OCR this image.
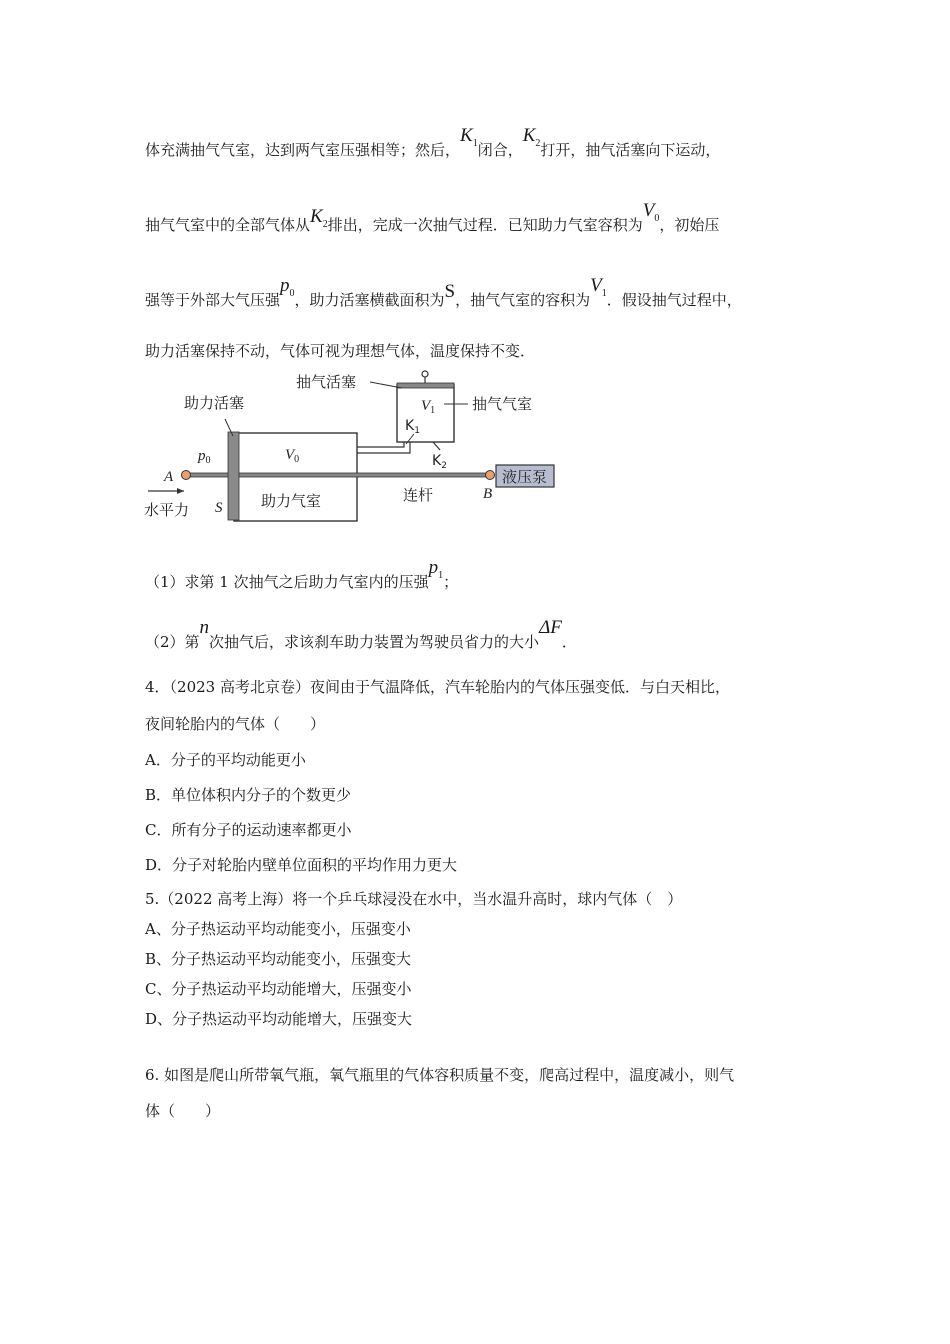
体充满抽气气室，达到两气室压强相等；然后，$K_1$闭合，$K_2$打开，抽气活塞向下运动，
抽气气室中的全部气体从$K_2$排出，完成一次抽气过程．已知助力气室容积为$V_0$，初始压
强等于外部大气压强$p_0$，助力活塞横截面积为S，抽气气室的容积为$V_1$．假设抽气过程中，
助力活塞保持不动，气体可视为理想气体，温度保持不变．
抽气活塞
抽气气室
助力活塞
助力气室	连杆
液压泵
水平力
A
B
S
$p_0$	$V_0$
$V_1$
$K_1$
$K_2$
（1）求第 1 次抽气之后助力气室内的压强$p_1$；
（2）第n次抽气后，求该刹车助力装置为驾驶员省力的大小ΔF．
4．（2023 高考北京卷）夜间由于气温降低，汽车轮胎内的气体压强变低．与白天相比，
夜间轮胎内的气体（　　）
A．分子的平均动能更小
B．单位体积内分子的个数更少
C．所有分子的运动速率都更小
D．分子对轮胎内壁单位面积的平均作用力更大
5.（2022 高考上海）将一个乒乓球浸没在水中，当水温升高时，球内气体（　）
A、分子热运动平均动能变小，压强变小
B、分子热运动平均动能变小，压强变大
C、分子热运动平均动能增大，压强变小
D、分子热运动平均动能增大，压强变大
6. 如图是爬山所带氧气瓶，氧气瓶里的气体容积质量不变，爬高过程中，温度减小，则气
体（　　）
